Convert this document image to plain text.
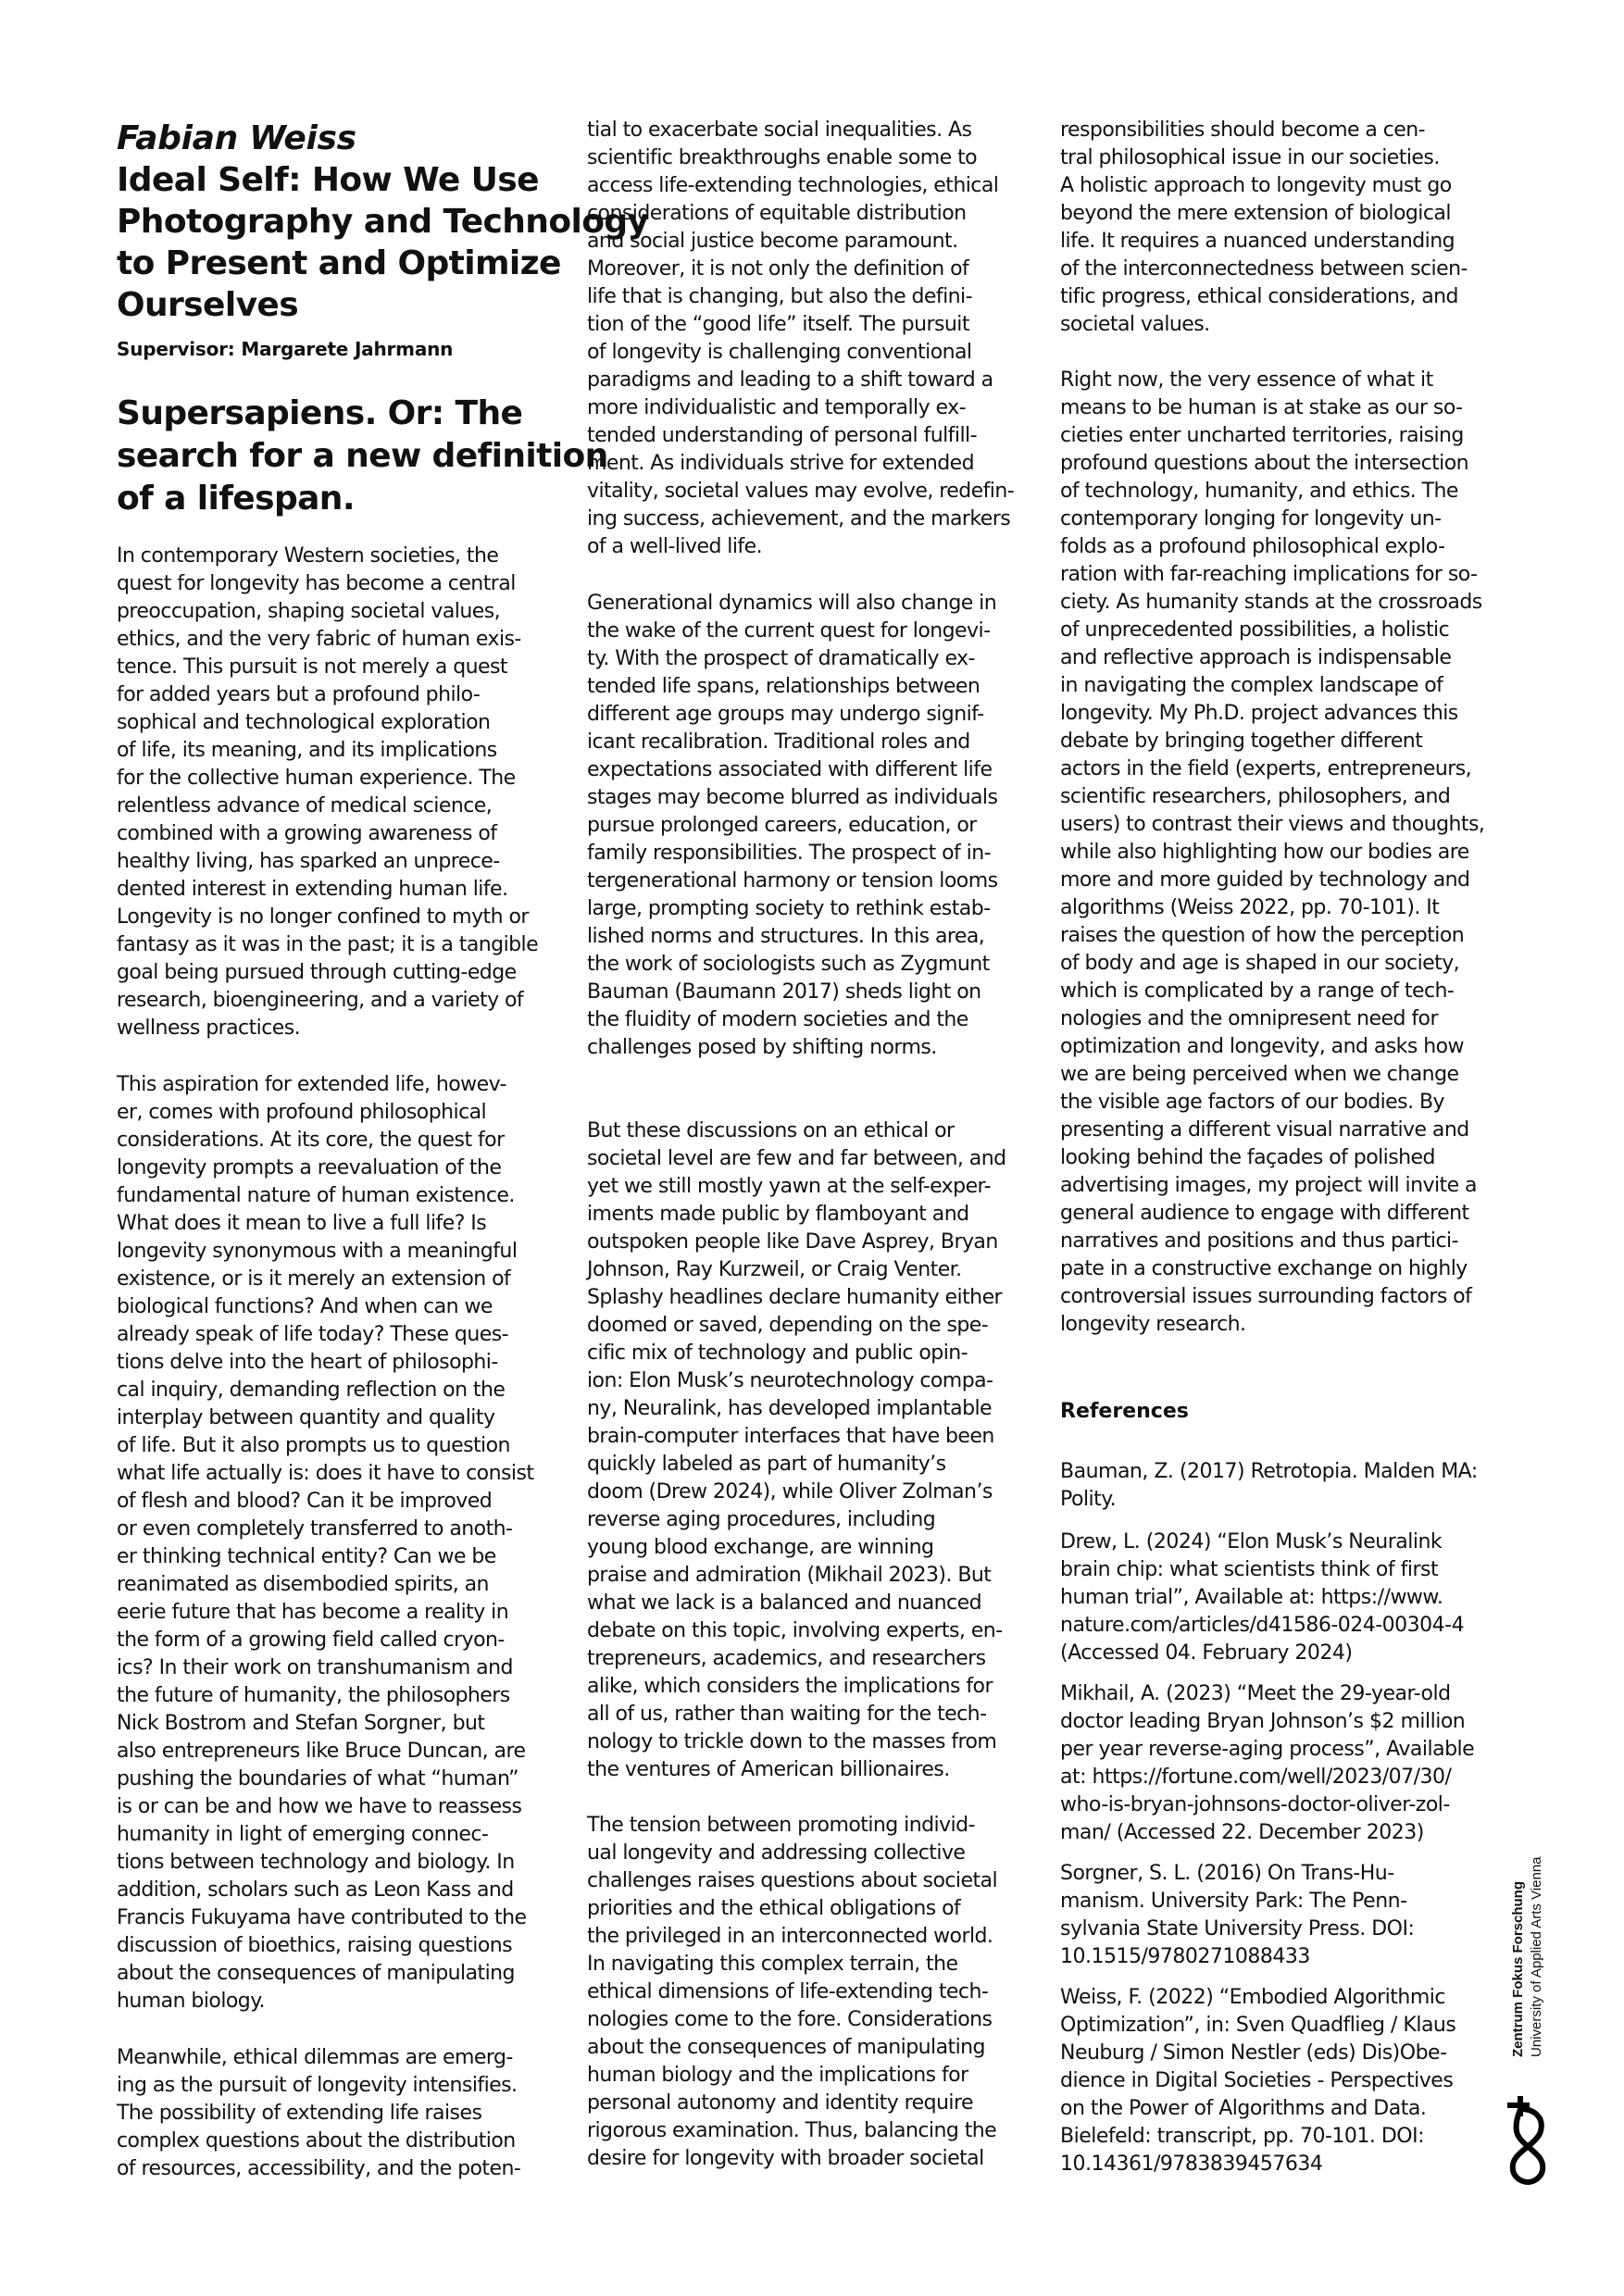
Fabian Weiss
Ideal Self: How We Use
Photography and Technology
to Present and Optimize
Ourselves
Supervisor: Margarete Jahrmann
Supersapiens. Or: The
search for a new definition
of a lifespan.
In contemporary Western societies, the
quest for longevity has become a central
preoccupation, shaping societal values,
ethics, and the very fabric of human exis-
tence. This pursuit is not merely a quest
for added years but a profound philo-
sophical and technological exploration
of life, its meaning, and its implications
for the collective human experience. The
relentless advance of medical science,
combined with a growing awareness of
healthy living, has sparked an unprece-
dented interest in extending human life.
Longevity is no longer confined to myth or
fantasy as it was in the past; it is a tangible
goal being pursued through cutting-edge
research, bioengineering, and a variety of
wellness practices.
This aspiration for extended life, howev-
er, comes with profound philosophical
considerations. At its core, the quest for
longevity prompts a reevaluation of the
fundamental nature of human existence.
What does it mean to live a full life? Is
longevity synonymous with a meaningful
existence, or is it merely an extension of
biological functions? And when can we
already speak of life today? These ques-
tions delve into the heart of philosophi-
cal inquiry, demanding reflection on the
interplay between quantity and quality
of life. But it also prompts us to question
what life actually is: does it have to consist
of flesh and blood? Can it be improved
or even completely transferred to anoth-
er thinking technical entity? Can we be
reanimated as disembodied spirits, an
eerie future that has become a reality in
the form of a growing field called cryon-
ics? In their work on transhumanism and
the future of humanity, the philosophers
Nick Bostrom and Stefan Sorgner, but
also entrepreneurs like Bruce Duncan, are
pushing the boundaries of what “human”
is or can be and how we have to reassess
humanity in light of emerging connec-
tions between technology and biology. In
addition, scholars such as Leon Kass and
Francis Fukuyama have contributed to the
discussion of bioethics, raising questions
about the consequences of manipulating
human biology.
Meanwhile, ethical dilemmas are emerg-
ing as the pursuit of longevity intensifies.
The possibility of extending life raises
complex questions about the distribution
of resources, accessibility, and the poten-
tial to exacerbate social inequalities. As
scientific breakthroughs enable some to
access life-extending technologies, ethical
considerations of equitable distribution
and social justice become paramount.
Moreover, it is not only the definition of
life that is changing, but also the defini-
tion of the “good life” itself. The pursuit
of longevity is challenging conventional
paradigms and leading to a shift toward a
more individualistic and temporally ex-
tended understanding of personal fulfill-
ment. As individuals strive for extended
vitality, societal values may evolve, redefin-
ing success, achievement, and the markers
of a well-lived life.
Generational dynamics will also change in
the wake of the current quest for longevi-
ty. With the prospect of dramatically ex-
tended life spans, relationships between
different age groups may undergo signif-
icant recalibration. Traditional roles and
expectations associated with different life
stages may become blurred as individuals
pursue prolonged careers, education, or
family responsibilities. The prospect of in-
tergenerational harmony or tension looms
large, prompting society to rethink estab-
lished norms and structures. In this area,
the work of sociologists such as Zygmunt
Bauman (Baumann 2017) sheds light on
the fluidity of modern societies and the
challenges posed by shifting norms.
But these discussions on an ethical or
societal level are few and far between, and
yet we still mostly yawn at the self-exper-
iments made public by flamboyant and
outspoken people like Dave Asprey, Bryan
Johnson, Ray Kurzweil, or Craig Venter.
Splashy headlines declare humanity either
doomed or saved, depending on the spe-
cific mix of technology and public opin-
ion: Elon Musk’s neurotechnology compa-
ny, Neuralink, has developed implantable
brain-computer interfaces that have been
quickly labeled as part of humanity’s
doom (Drew 2024), while Oliver Zolman’s
reverse aging procedures, including
young blood exchange, are winning
praise and admiration (Mikhail 2023). But
what we lack is a balanced and nuanced
debate on this topic, involving experts, en-
trepreneurs, academics, and researchers
alike, which considers the implications for
all of us, rather than waiting for the tech-
nology to trickle down to the masses from
the ventures of American billionaires.
The tension between promoting individ-
ual longevity and addressing collective
challenges raises questions about societal
priorities and the ethical obligations of
the privileged in an interconnected world.
In navigating this complex terrain, the
ethical dimensions of life-extending tech-
nologies come to the fore. Considerations
about the consequences of manipulating
human biology and the implications for
personal autonomy and identity require
rigorous examination. Thus, balancing the
desire for longevity with broader societal
responsibilities should become a cen-
tral philosophical issue in our societies.
A holistic approach to longevity must go
beyond the mere extension of biological
life. It requires a nuanced understanding
of the interconnectedness between scien-
tific progress, ethical considerations, and
societal values.
Right now, the very essence of what it
means to be human is at stake as our so-
cieties enter uncharted territories, raising
profound questions about the intersection
of technology, humanity, and ethics. The
contemporary longing for longevity un-
folds as a profound philosophical explo-
ration with far-reaching implications for so-
ciety. As humanity stands at the crossroads
of unprecedented possibilities, a holistic
and reflective approach is indispensable
in navigating the complex landscape of
longevity. My Ph.D. project advances this
debate by bringing together different
actors in the field (experts, entrepreneurs,
scientific researchers, philosophers, and
users) to contrast their views and thoughts,
while also highlighting how our bodies are
more and more guided by technology and
algorithms (Weiss 2022, pp. 70-101). It
raises the question of how the perception
of body and age is shaped in our society,
which is complicated by a range of tech-
nologies and the omnipresent need for
optimization and longevity, and asks how
we are being perceived when we change
the visible age factors of our bodies. By
presenting a different visual narrative and
looking behind the façades of polished
advertising images, my project will invite a
general audience to engage with different
narratives and positions and thus partici-
pate in a constructive exchange on highly
controversial issues surrounding factors of
longevity research.
References
Bauman, Z. (2017) Retrotopia. Malden MA:
Polity.
Drew, L. (2024) “Elon Musk’s Neuralink
brain chip: what scientists think of first
human trial”, Available at: https://www.
nature.com/articles/d41586-024-00304-4
(Accessed 04. February 2024)
Mikhail, A. (2023) “Meet the 29-year-old
doctor leading Bryan Johnson’s $2 million
per year reverse-aging process”, Available
at: https://fortune.com/well/2023/07/30/
who-is-bryan-johnsons-doctor-oliver-zol-
man/ (Accessed 22. December 2023)
Sorgner, S. L. (2016) On Trans-Hu-
manism. University Park: The Penn-
sylvania State University Press. DOI:
10.1515/9780271088433
Weiss, F. (2022) “Embodied Algorithmic
Optimization”, in: Sven Quadflieg / Klaus
Neuburg / Simon Nestler (eds) Dis)Obe-
dience in Digital Societies - Perspectives
on the Power of Algorithms and Data.
Bielefeld: transcript, pp. 70-101. DOI:
10.14361/9783839457634
Zentrum Fokus Forschung University of Applied Arts Vienna
